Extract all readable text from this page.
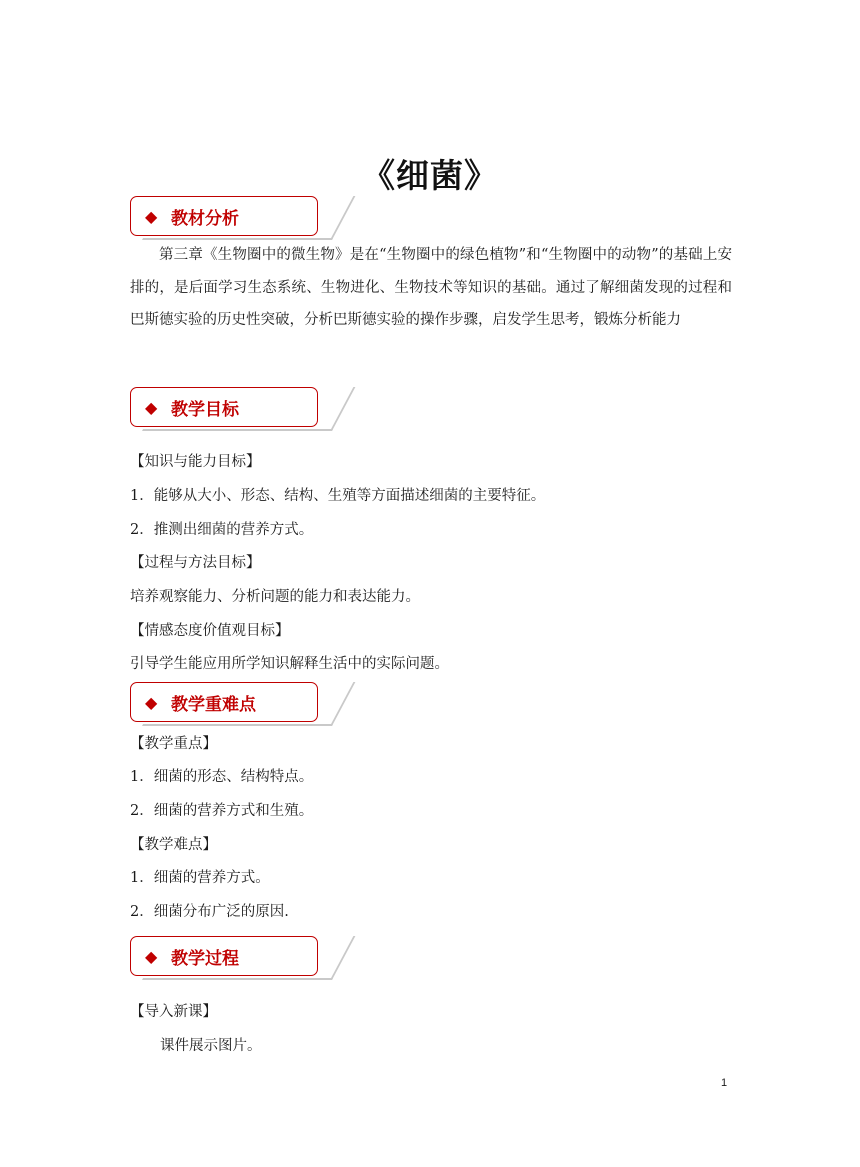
《细菌》
◆ 教材分析
第三章《生物圈中的微生物》是在“生物圈中的绿色植物”和“生物圈中的动物”的基础上安排的，是后面学习生态系统、生物进化、生物技术等知识的基础。通过了解细菌发现的过程和巴斯德实验的历史性突破，分析巴斯德实验的操作步骤，启发学生思考，锻炼分析能力
◆ 教学目标
【知识与能力目标】
1．能够从大小、形态、结构、生殖等方面描述细菌的主要特征。
2．推测出细菌的营养方式。
【过程与方法目标】
培养观察能力、分析问题的能力和表达能力。
【情感态度价值观目标】
引导学生能应用所学知识解释生活中的实际问题。
◆ 教学重难点
【教学重点】
1．细菌的形态、结构特点。
2．细菌的营养方式和生殖。
【教学难点】
1．细菌的营养方式。
2．细菌分布广泛的原因.
◆ 教学过程
【导入新课】
课件展示图片。
1
